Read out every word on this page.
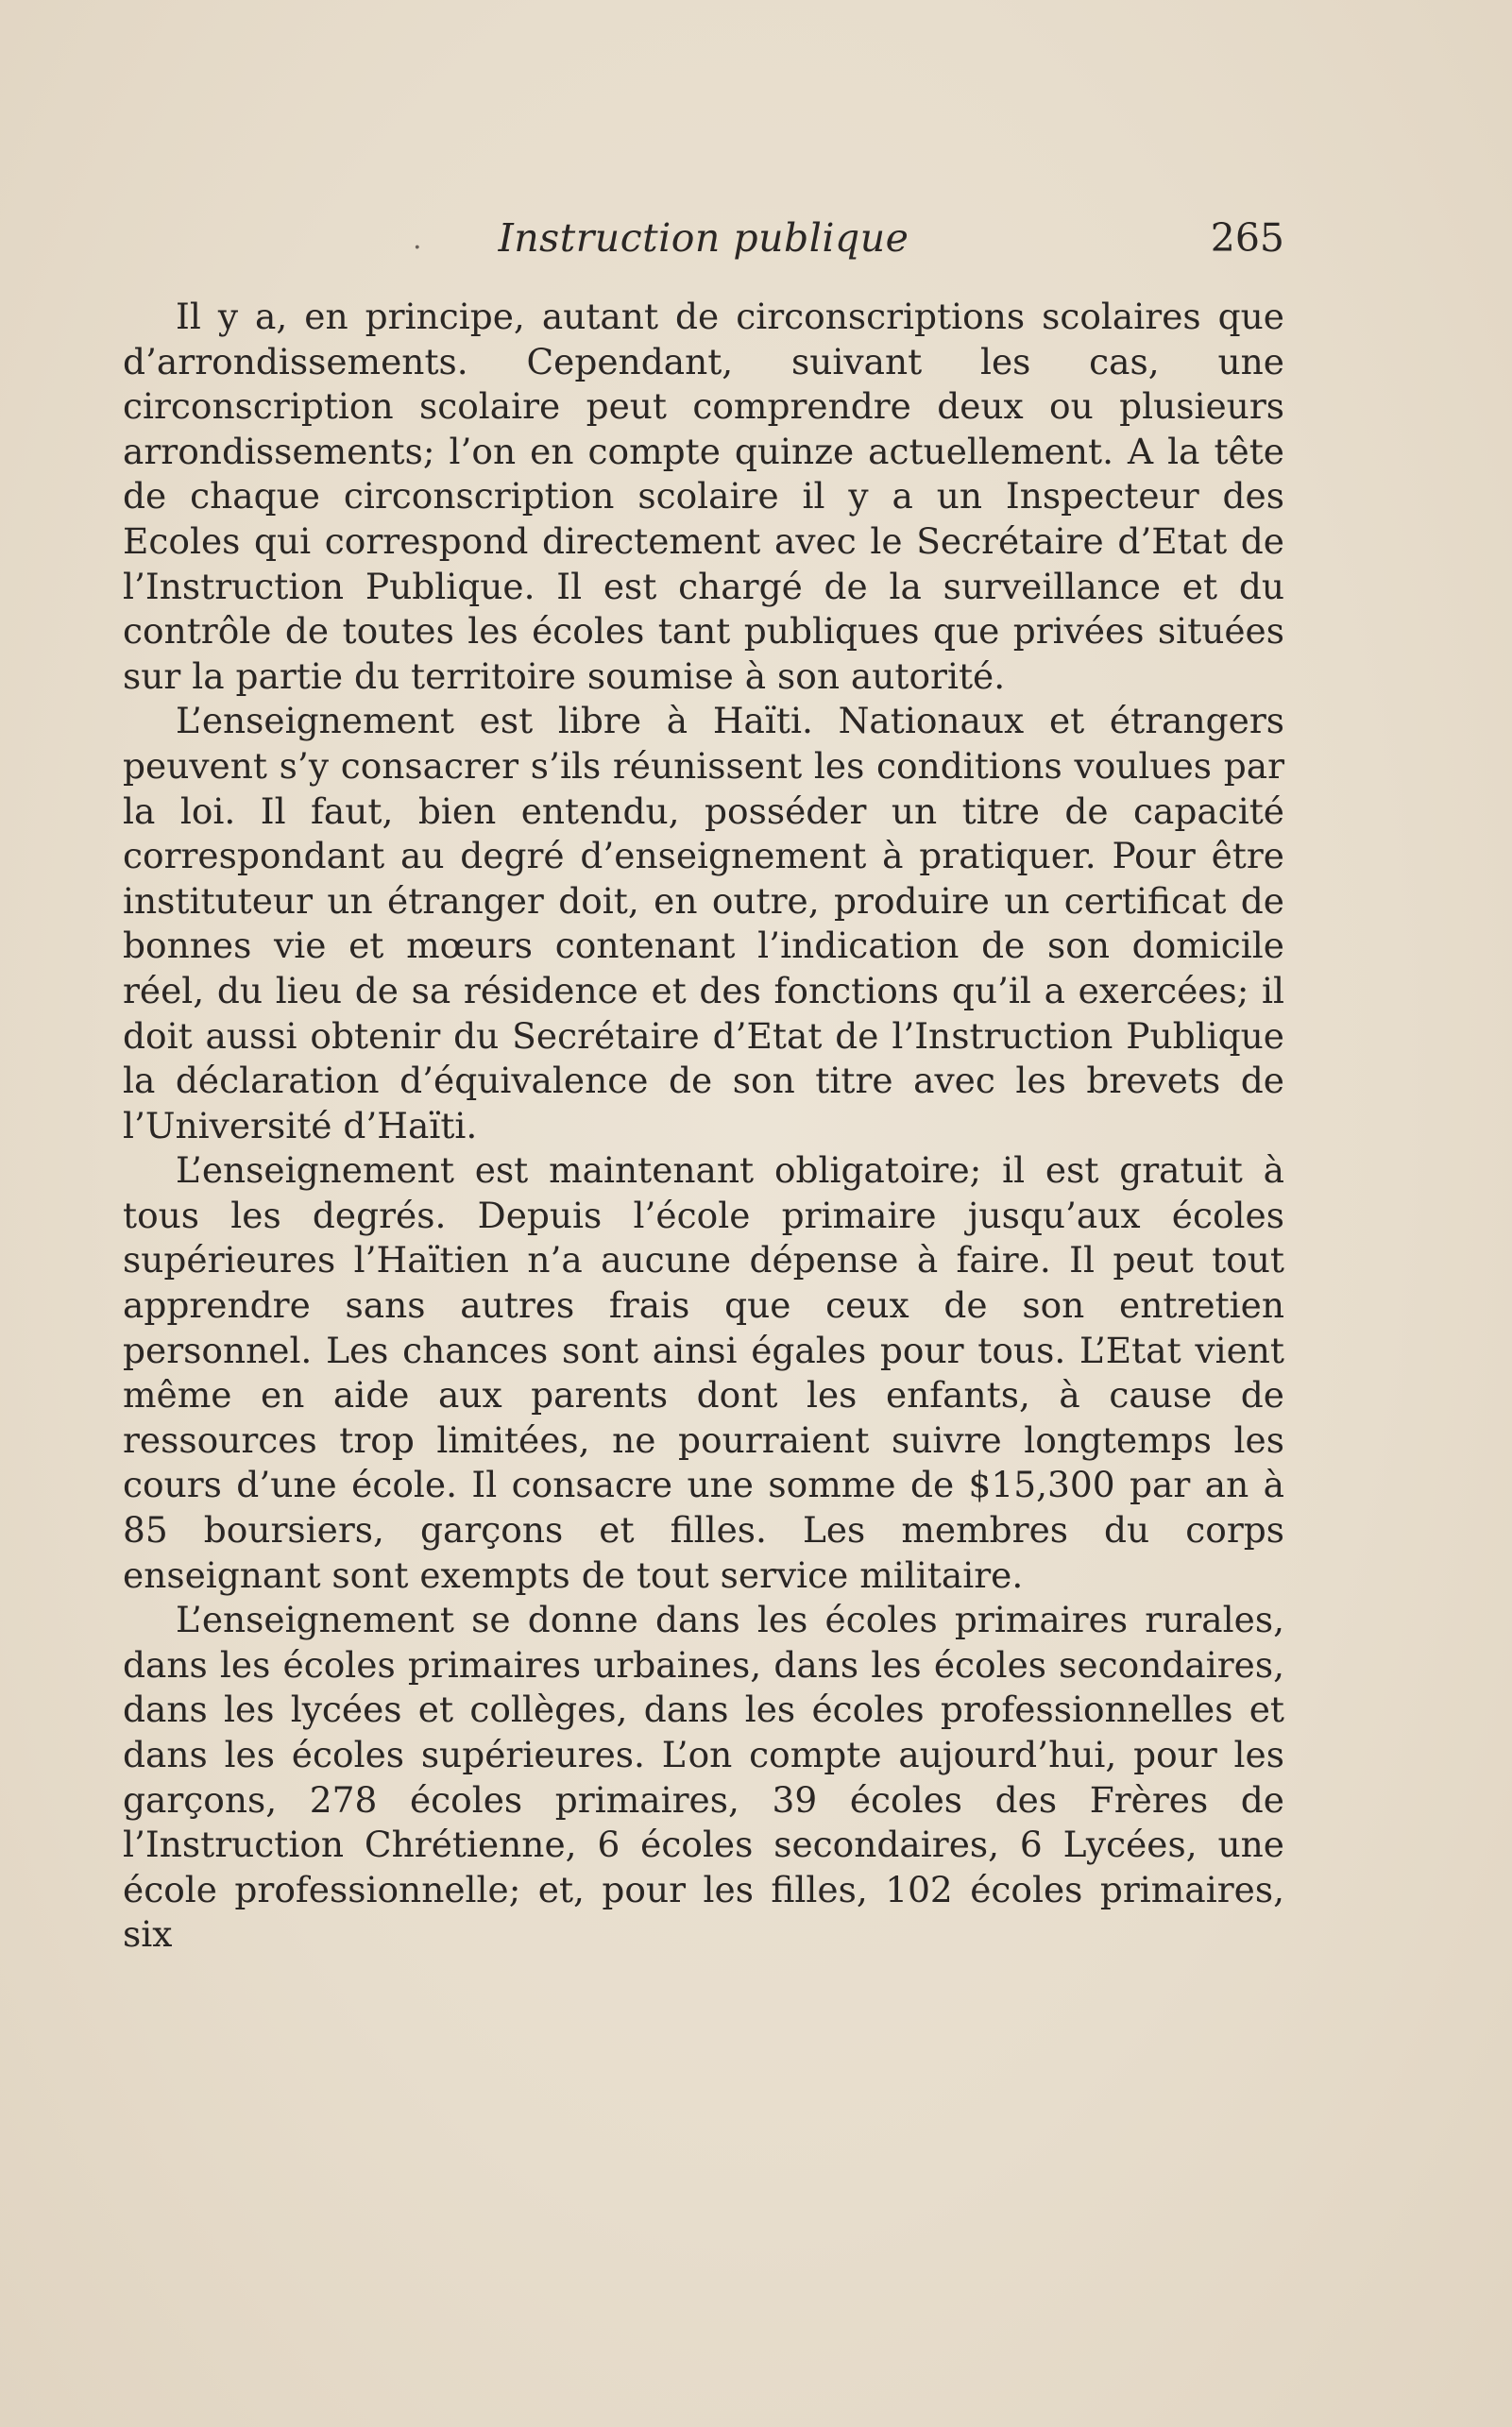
.	Instruction publique	265

Il y a, en principe, autant de circonscriptions scolaires que d’arrondissements. Cependant, suivant les cas, une circonscription scolaire peut comprendre deux ou plusieurs arrondissements; l’on en compte quinze actuellement. A la tête de chaque circonscription scolaire il y a un Inspecteur des Ecoles qui correspond directement avec le Secrétaire d’Etat de l’Instruction Publique. Il est chargé de la surveillance et du contrôle de toutes les écoles tant publiques que privées situées sur la partie du territoire soumise à son autorité.

L’enseignement est libre à Haïti. Nationaux et étrangers peuvent s’y consacrer s’ils réunissent les conditions voulues par la loi. Il faut, bien entendu, posséder un titre de capacité correspondant au degré d’enseignement à pratiquer. Pour être instituteur un étranger doit, en outre, produire un certificat de bonnes vie et mœurs contenant l’indication de son domicile réel, du lieu de sa résidence et des fonctions qu’il a exercées; il doit aussi obtenir du Secrétaire d’Etat de l’Instruction Publique la déclaration d’équivalence de son titre avec les brevets de l’Université d’Haïti.

L’enseignement est maintenant obligatoire; il est gratuit à tous les degrés. Depuis l’école primaire jusqu’aux écoles supérieures l’Haïtien n’a aucune dépense à faire. Il peut tout apprendre sans autres frais que ceux de son entretien personnel. Les chances sont ainsi égales pour tous. L’Etat vient même en aide aux parents dont les enfants, à cause de ressources trop limitées, ne pourraient suivre longtemps les cours d’une école. Il consacre une somme de $15,300 par an à 85 boursiers, garçons et filles. Les membres du corps enseignant sont exempts de tout service militaire.

L’enseignement se donne dans les écoles primaires rurales, dans les écoles primaires urbaines, dans les écoles secondaires, dans les lycées et collèges, dans les écoles professionnelles et dans les écoles supérieures. L’on compte aujourd’hui, pour les garçons, 278 écoles primaires, 39 écoles des Frères de l’Instruction Chrétienne, 6 écoles secondaires, 6 Lycées, une école professionnelle; et, pour les filles, 102 écoles primaires, six
